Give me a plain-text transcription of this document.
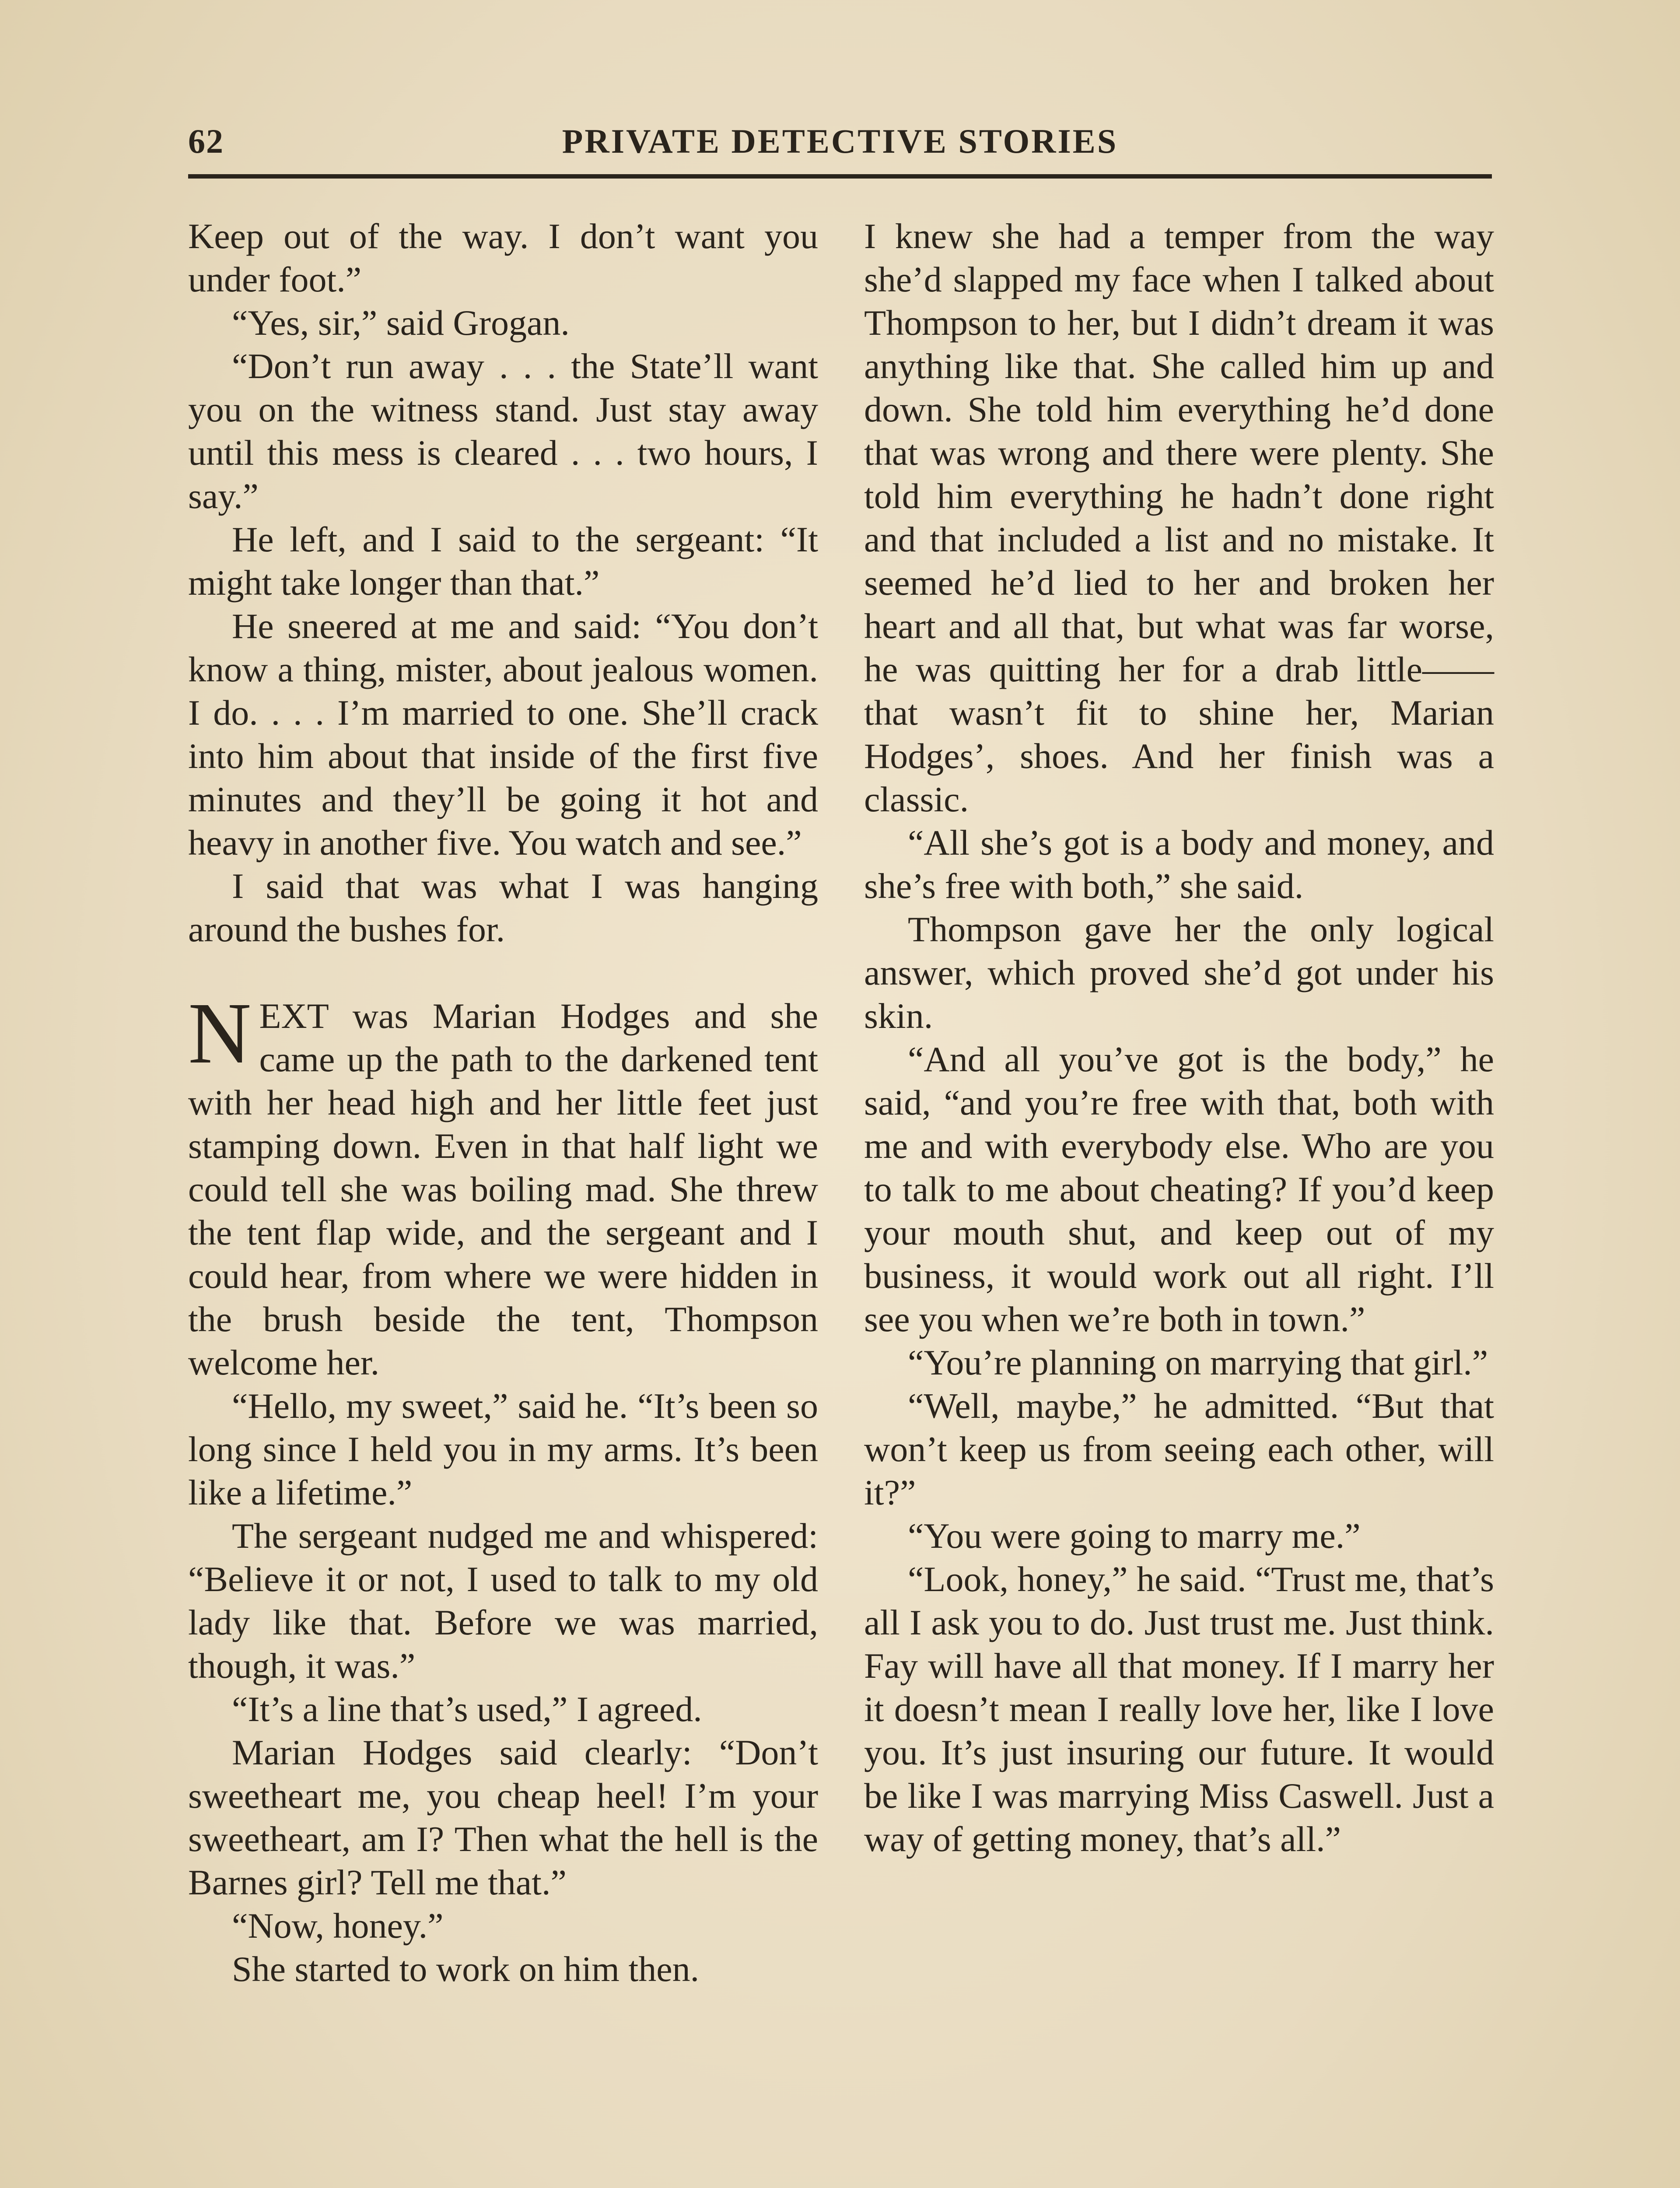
62	PRIVATE DETECTIVE STORIES

Keep out of the way. I don’t want you under foot.”

“Yes, sir,” said Grogan.

“Don’t run away . . . the State’ll want you on the witness stand. Just stay away until this mess is cleared . . . two hours, I say.”

He left, and I said to the sergeant: “It might take longer than that.”

He sneered at me and said: “You don’t know a thing, mister, about jealous women. I do. . . . I’m married to one. She’ll crack into him about that inside of the first five minutes and they’ll be going it hot and heavy in another five. You watch and see.”

I said that was what I was hanging around the bushes for.

NEXT was Marian Hodges and she came up the path to the darkened tent with her head high and her little feet just stamping down. Even in that half light we could tell she was boiling mad. She threw the tent flap wide, and the sergeant and I could hear, from where we were hidden in the brush beside the tent, Thompson welcome her.

“Hello, my sweet,” said he. “It’s been so long since I held you in my arms. It’s been like a lifetime.”

The sergeant nudged me and whispered: “Believe it or not, I used to talk to my old lady like that. Before we was married, though, it was.”

“It’s a line that’s used,” I agreed.

Marian Hodges said clearly: “Don’t sweetheart me, you cheap heel! I’m your sweetheart, am I? Then what the hell is the Barnes girl? Tell me that.”

“Now, honey.”

She started to work on him then.

I knew she had a temper from the way she’d slapped my face when I talked about Thompson to her, but I didn’t dream it was anything like that. She called him up and down. She told him everything he’d done that was wrong and there were plenty. She told him everything he hadn’t done right and that included a list and no mistake. It seemed he’d lied to her and broken her heart and all that, but what was far worse, he was quitting her for a drab little—— that wasn’t fit to shine her, Marian Hodges’, shoes. And her finish was a classic.

“All she’s got is a body and money, and she’s free with both,” she said.

Thompson gave her the only logical answer, which proved she’d got under his skin.

“And all you’ve got is the body,” he said, “and you’re free with that, both with me and with everybody else. Who are you to talk to me about cheating? If you’d keep your mouth shut, and keep out of my business, it would work out all right. I’ll see you when we’re both in town.”

“You’re planning on marrying that girl.”

“Well, maybe,” he admitted. “But that won’t keep us from seeing each other, will it?”

“You were going to marry me.”

“Look, honey,” he said. “Trust me, that’s all I ask you to do. Just trust me. Just think. Fay will have all that money. If I marry her it doesn’t mean I really love her, like I love you. It’s just insuring our future. It would be like I was marrying Miss Caswell. Just a way of getting money, that’s all.”
